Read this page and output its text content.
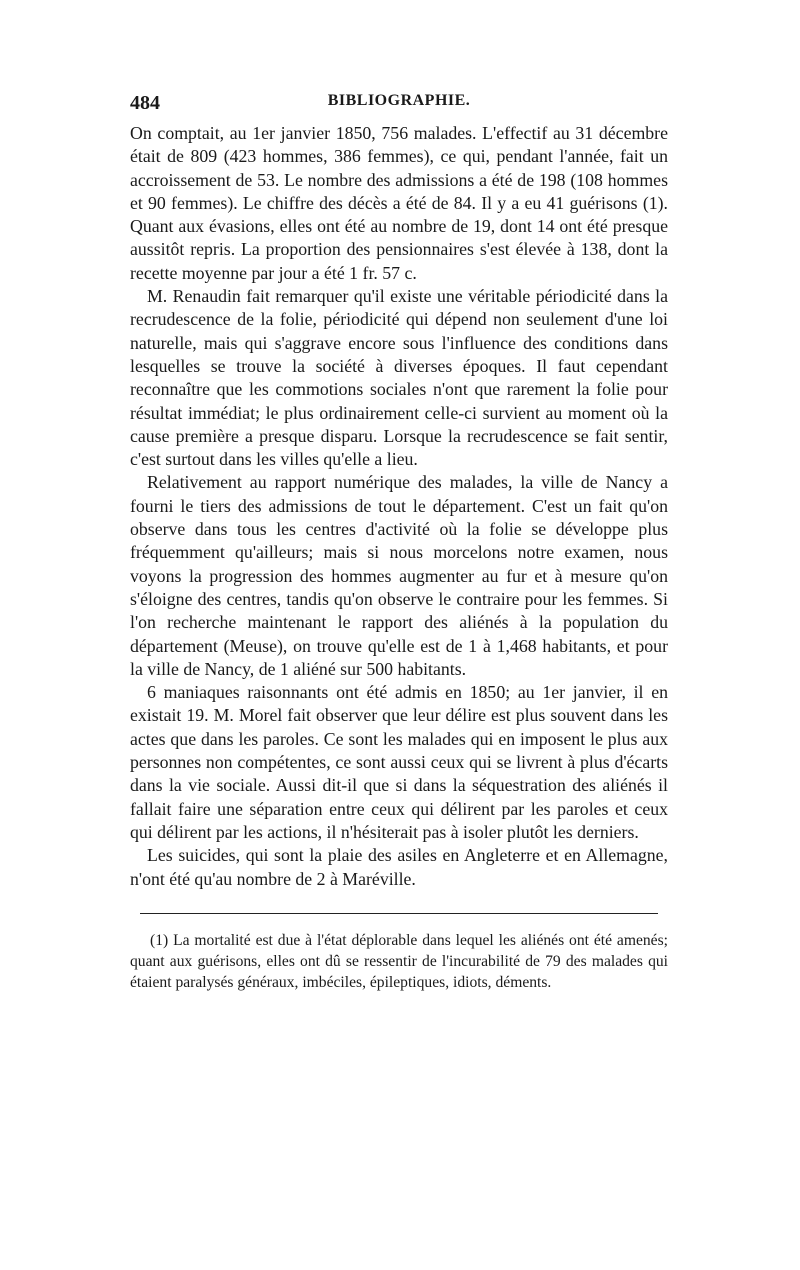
484	BIBLIOGRAPHIE.

On comptait, au 1er janvier 1850, 756 malades. L'effectif au 31 décembre était de 809 (423 hommes, 386 femmes), ce qui, pendant l'année, fait un accroissement de 53. Le nombre des admissions a été de 198 (108 hommes et 90 femmes). Le chiffre des décès a été de 84. Il y a eu 41 guérisons (1). Quant aux évasions, elles ont été au nombre de 19, dont 14 ont été presque aussitôt repris. La proportion des pensionnaires s'est élevée à 138, dont la recette moyenne par jour a été 1 fr. 57 c.

M. Renaudin fait remarquer qu'il existe une véritable périodicité dans la recrudescence de la folie, périodicité qui dépend non seulement d'une loi naturelle, mais qui s'aggrave encore sous l'influence des conditions dans lesquelles se trouve la société à diverses époques. Il faut cependant reconnaître que les commotions sociales n'ont que rarement la folie pour résultat immédiat; le plus ordinairement celle-ci survient au moment où la cause première a presque disparu. Lorsque la recrudescence se fait sentir, c'est surtout dans les villes qu'elle a lieu.

Relativement au rapport numérique des malades, la ville de Nancy a fourni le tiers des admissions de tout le département. C'est un fait qu'on observe dans tous les centres d'activité où la folie se développe plus fréquemment qu'ailleurs; mais si nous morcelons notre examen, nous voyons la progression des hommes augmenter au fur et à mesure qu'on s'éloigne des centres, tandis qu'on observe le contraire pour les femmes. Si l'on recherche maintenant le rapport des aliénés à la population du département (Meuse), on trouve qu'elle est de 1 à 1,468 habitants, et pour la ville de Nancy, de 1 aliéné sur 500 habitants.

6 maniaques raisonnants ont été admis en 1850; au 1er janvier, il en existait 19. M. Morel fait observer que leur délire est plus souvent dans les actes que dans les paroles. Ce sont les malades qui en imposent le plus aux personnes non compétentes, ce sont aussi ceux qui se livrent à plus d'écarts dans la vie sociale. Aussi dit-il que si dans la séquestration des aliénés il fallait faire une séparation entre ceux qui délirent par les paroles et ceux qui délirent par les actions, il n'hésiterait pas à isoler plutôt les derniers.

Les suicides, qui sont la plaie des asiles en Angleterre et en Allemagne, n'ont été qu'au nombre de 2 à Maréville.

(1) La mortalité est due à l'état déplorable dans lequel les aliénés ont été amenés; quant aux guérisons, elles ont dû se ressentir de l'incurabilité de 79 des malades qui étaient paralysés généraux, imbéciles, épileptiques, idiots, déments.
